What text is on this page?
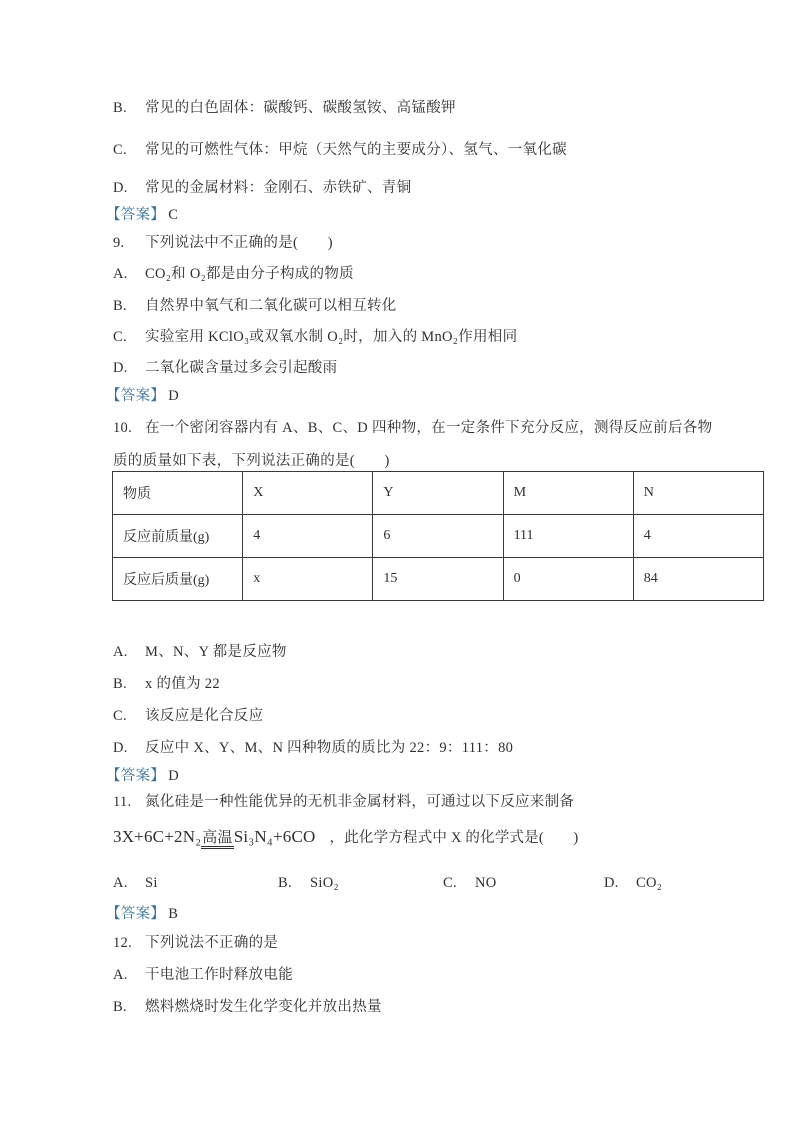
B. 常见的白色固体：碳酸钙、碳酸氢铵、高锰酸钾

C. 常见的可燃性气体：甲烷（天然气的主要成分）、氢气、一氧化碳

D. 常见的金属材料：金刚石、赤铁矿、青铜

【答案】 C

9. 下列说法中不正确的是(　　)

A. CO₂和 O₂都是由分子构成的物质

B. 自然界中氧气和二氧化碳可以相互转化

C. 实验室用 KClO₃或双氧水制 O₂时，加入的 MnO₂作用相同

D. 二氧化碳含量过多会引起酸雨

【答案】 D

10. 在一个密闭容器内有 A、B、C、D 四种物，在一定条件下充分反应，测得反应前后各物

质的质量如下表，下列说法正确的是(　　)

物质	X	Y	M	N
反应前质量(g)	4	6	111	4
反应后质量(g)	x	15	0	84

A. M、N、Y 都是反应物

B. x 的值为 22

C. 该反应是化合反应

D. 反应中 X、Y、M、N 四种物质的质比为 22：9：111：80

【答案】 D

11. 氮化硅是一种性能优异的无机非金属材料，可通过以下反应来制备

3X+6C+2N₂高温Si₃N₄+6CO ，此化学方程式中 X 的化学式是(　　)

A. Si	B. SiO₂	C. NO	D. CO₂

【答案】 B

12. 下列说法不正确的是

A. 干电池工作时释放电能

B. 燃料燃烧时发生化学变化并放出热量
